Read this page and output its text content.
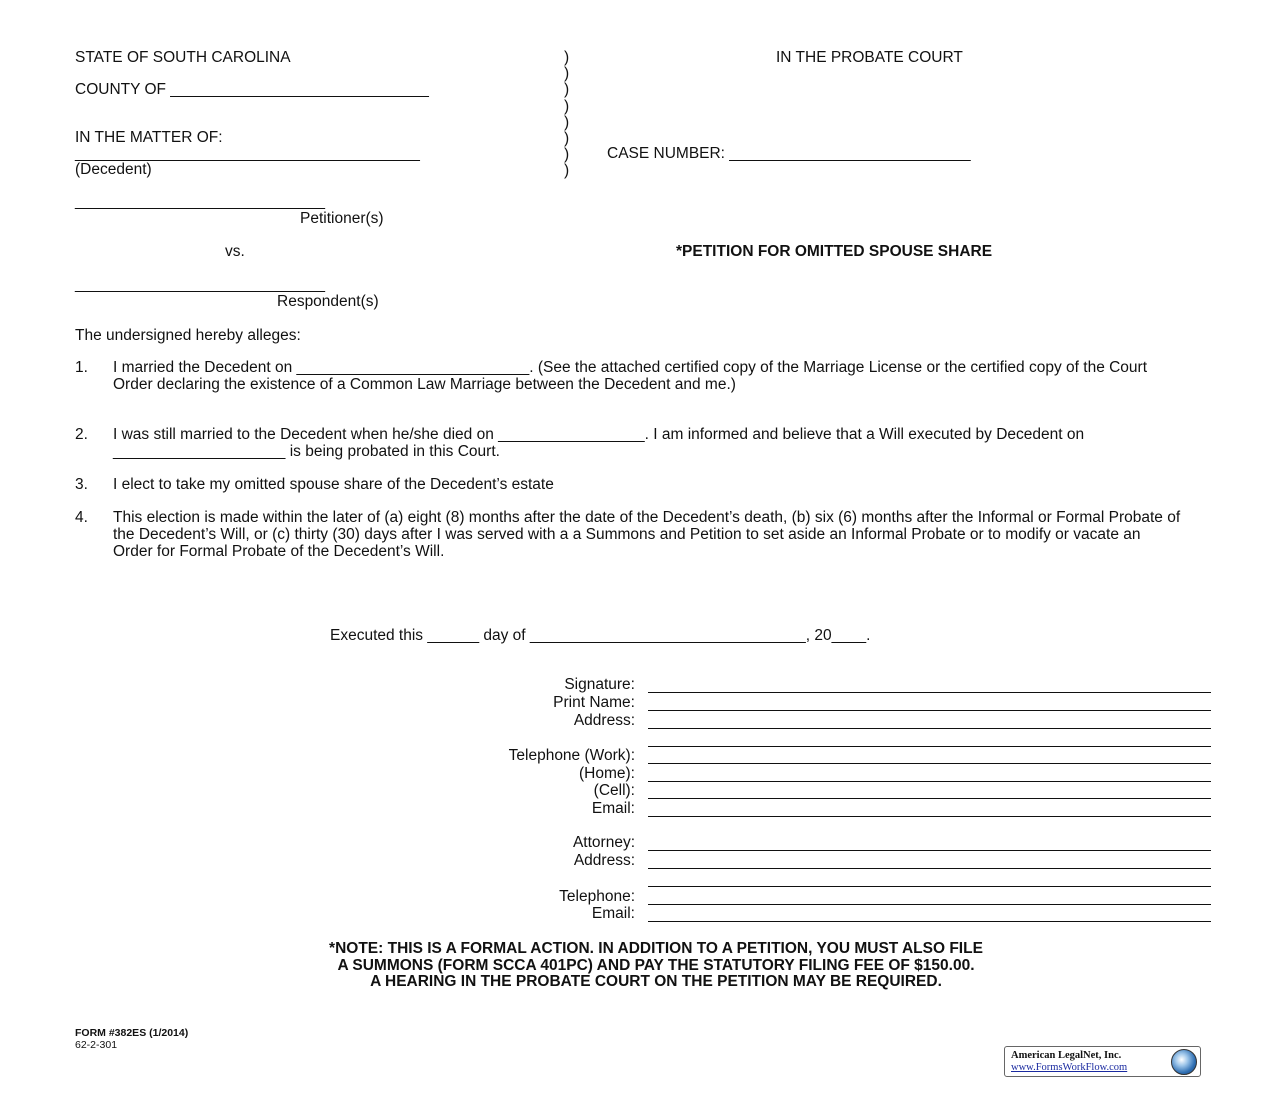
STATE OF SOUTH CAROLINA	IN THE PROBATE COURT
COUNTY OF ______________________________
IN THE MATTER OF:
________________________________________
(Decedent)
)
)
)
)
)
)
)
)
CASE NUMBER: ____________________________
_____________________________
Petitioner(s)
vs.	*PETITION FOR OMITTED SPOUSE SHARE
_____________________________
Respondent(s)
The undersigned hereby alleges:
1. I married the Decedent on ___________________________. (See the attached certified copy of the Marriage License or the certified copy of the Court Order declaring the existence of a Common Law Marriage between the Decedent and me.)
2. I was still married to the Decedent when he/she died on _________________. I am informed and believe that a Will executed by Decedent on ____________________ is being probated in this Court.
3. I elect to take my omitted spouse share of the Decedent’s estate
4. This election is made within the later of (a) eight (8) months after the date of the Decedent’s death, (b) six (6) months after the Informal or Formal Probate of the Decedent’s Will, or (c) thirty (30) days after I was served with a a Summons and Petition to set aside an Informal Probate or to modify or vacate an Order for Formal Probate of the Decedent’s Will.
Executed this ______ day of ________________________________, 20____.
Signature:
Print Name:
Address:
Telephone (Work):
(Home):
(Cell):
Email:
Attorney:
Address:
Telephone:
Email:
*NOTE: THIS IS A FORMAL ACTION. IN ADDITION TO A PETITION, YOU MUST ALSO FILE
A SUMMONS (FORM SCCA 401PC) AND PAY THE STATUTORY FILING FEE OF $150.00.
A HEARING IN THE PROBATE COURT ON THE PETITION MAY BE REQUIRED.
FORM #382ES (1/2014)
62-2-301
American LegalNet, Inc.
www.FormsWorkFlow.com
